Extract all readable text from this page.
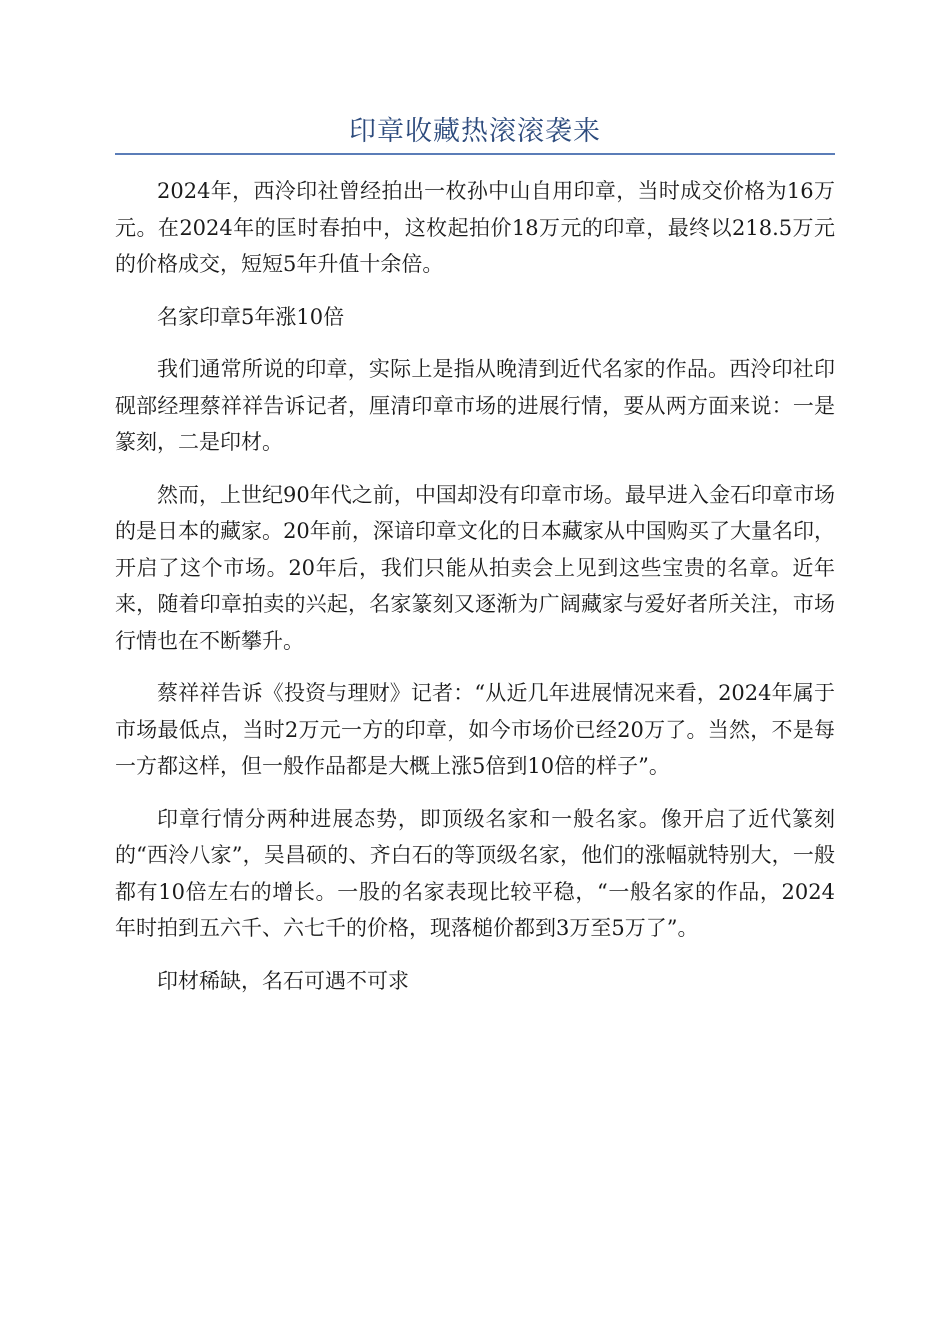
印章收藏热滚滚袭来

2024年，西泠印社曾经拍出一枚孙中山自用印章，当时成交价格为16万元。在2024年的匡时春拍中，这枚起拍价18万元的印章，最终以218.5万元的价格成交，短短5年升值十余倍。

名家印章5年涨10倍

我们通常所说的印章，实际上是指从晚清到近代名家的作品。西泠印社印砚部经理蔡祥祥告诉记者，厘清印章市场的进展行情，要从两方面来说：一是篆刻，二是印材。

然而，上世纪90年代之前，中国却没有印章市场。最早进入金石印章市场的是日本的藏家。20年前，深谙印章文化的日本藏家从中国购买了大量名印，开启了这个市场。20年后，我们只能从拍卖会上见到这些宝贵的名章。近年来，随着印章拍卖的兴起，名家篆刻又逐渐为广阔藏家与爱好者所关注，市场行情也在不断攀升。

蔡祥祥告诉《投资与理财》记者：“从近几年进展情况来看，2024年属于市场最低点，当时2万元一方的印章，如今市场价已经20万了。当然，不是每一方都这样，但一般作品都是大概上涨5倍到10倍的样子”。

印章行情分两种进展态势，即顶级名家和一般名家。像开启了近代篆刻的“西泠八家”，吴昌硕的、齐白石的等顶级名家，他们的涨幅就特别大，一般都有10倍左右的增长。一股的名家表现比较平稳，“一般名家的作品，2024年时拍到五六千、六七千的价格，现落槌价都到3万至5万了”。

印材稀缺，名石可遇不可求
